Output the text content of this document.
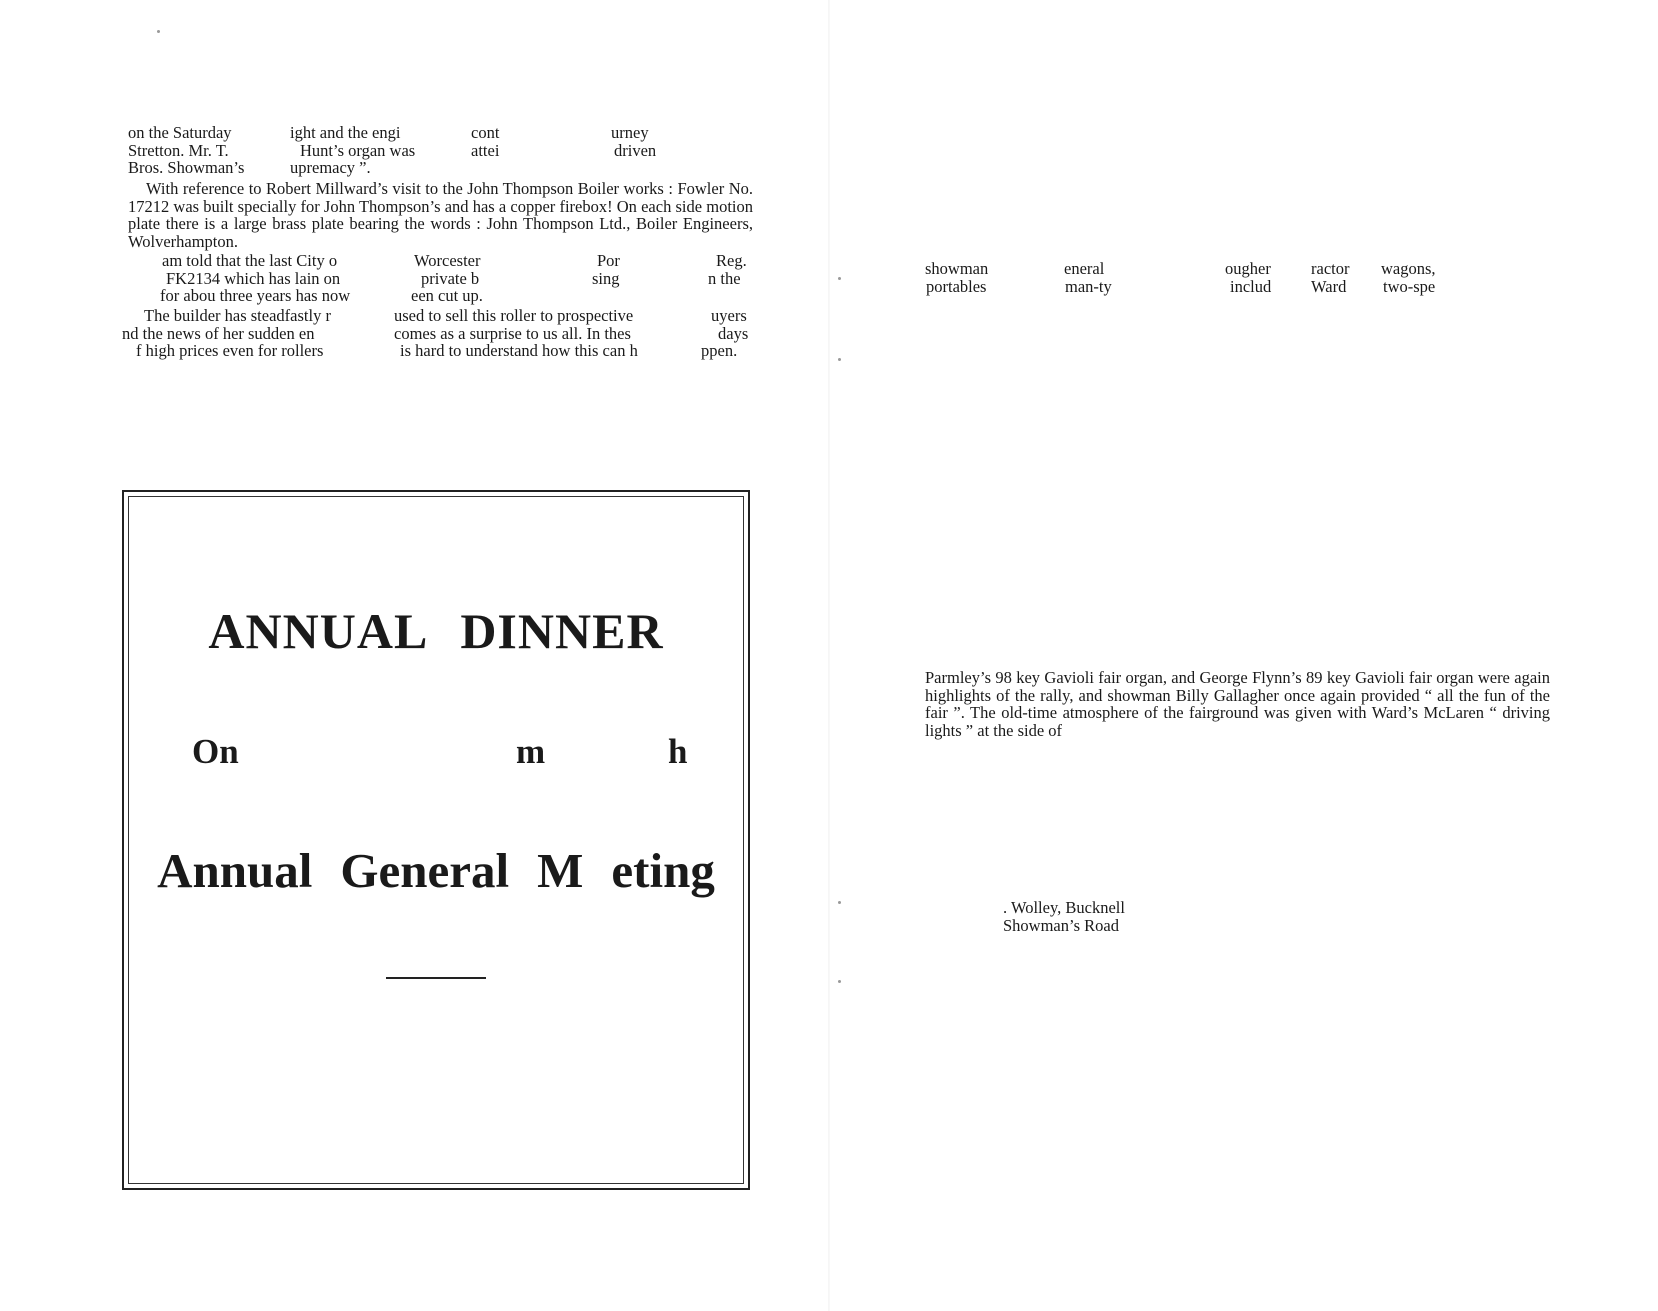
on the Saturday	ight and the engi	cont	urney
Stretton. Mr. T.	Hunt’s organ was	attei	driven
Bros. Showman’s	upremacy ”.

With reference to Robert Millward’s visit to the John Thompson Boiler works : Fowler No. 17212 was built specially for John Thompson’s and has a copper firebox! On each side motion plate there is a large brass plate bearing the words : John Thompson Ltd., Boiler Engineers, Wolverhampton.

am told that the last City o	Worcester	Por	Reg.
FK2134 which has lain on	private b	sing	n the
for abou three years has now	een cut up.
The builder has steadfastly r	used to sell this roller to prospective	uyers
nd the news of her sudden en	comes as a surprise to us all. In thes	days
f high prices even for rollers	is hard to understand how this can h	ppen.
ANNUAL DINNER
On	m	h
Annual General M eting
showman	eneral	ougher ractor wagons,
portables	man-ty	includ Ward two-spe

Parmley’s 98 key Gavioli fair organ, and George Flynn’s 89 key Gavioli fair organ were again highlights of the rally, and showman Billy Gallagher once again provided “ all the fun of the fair ”. The old-time atmosphere of the fairground was given with Ward’s McLaren “ driving lights ” at the side of

. Wolley, Bucknell
Showman’s Road
